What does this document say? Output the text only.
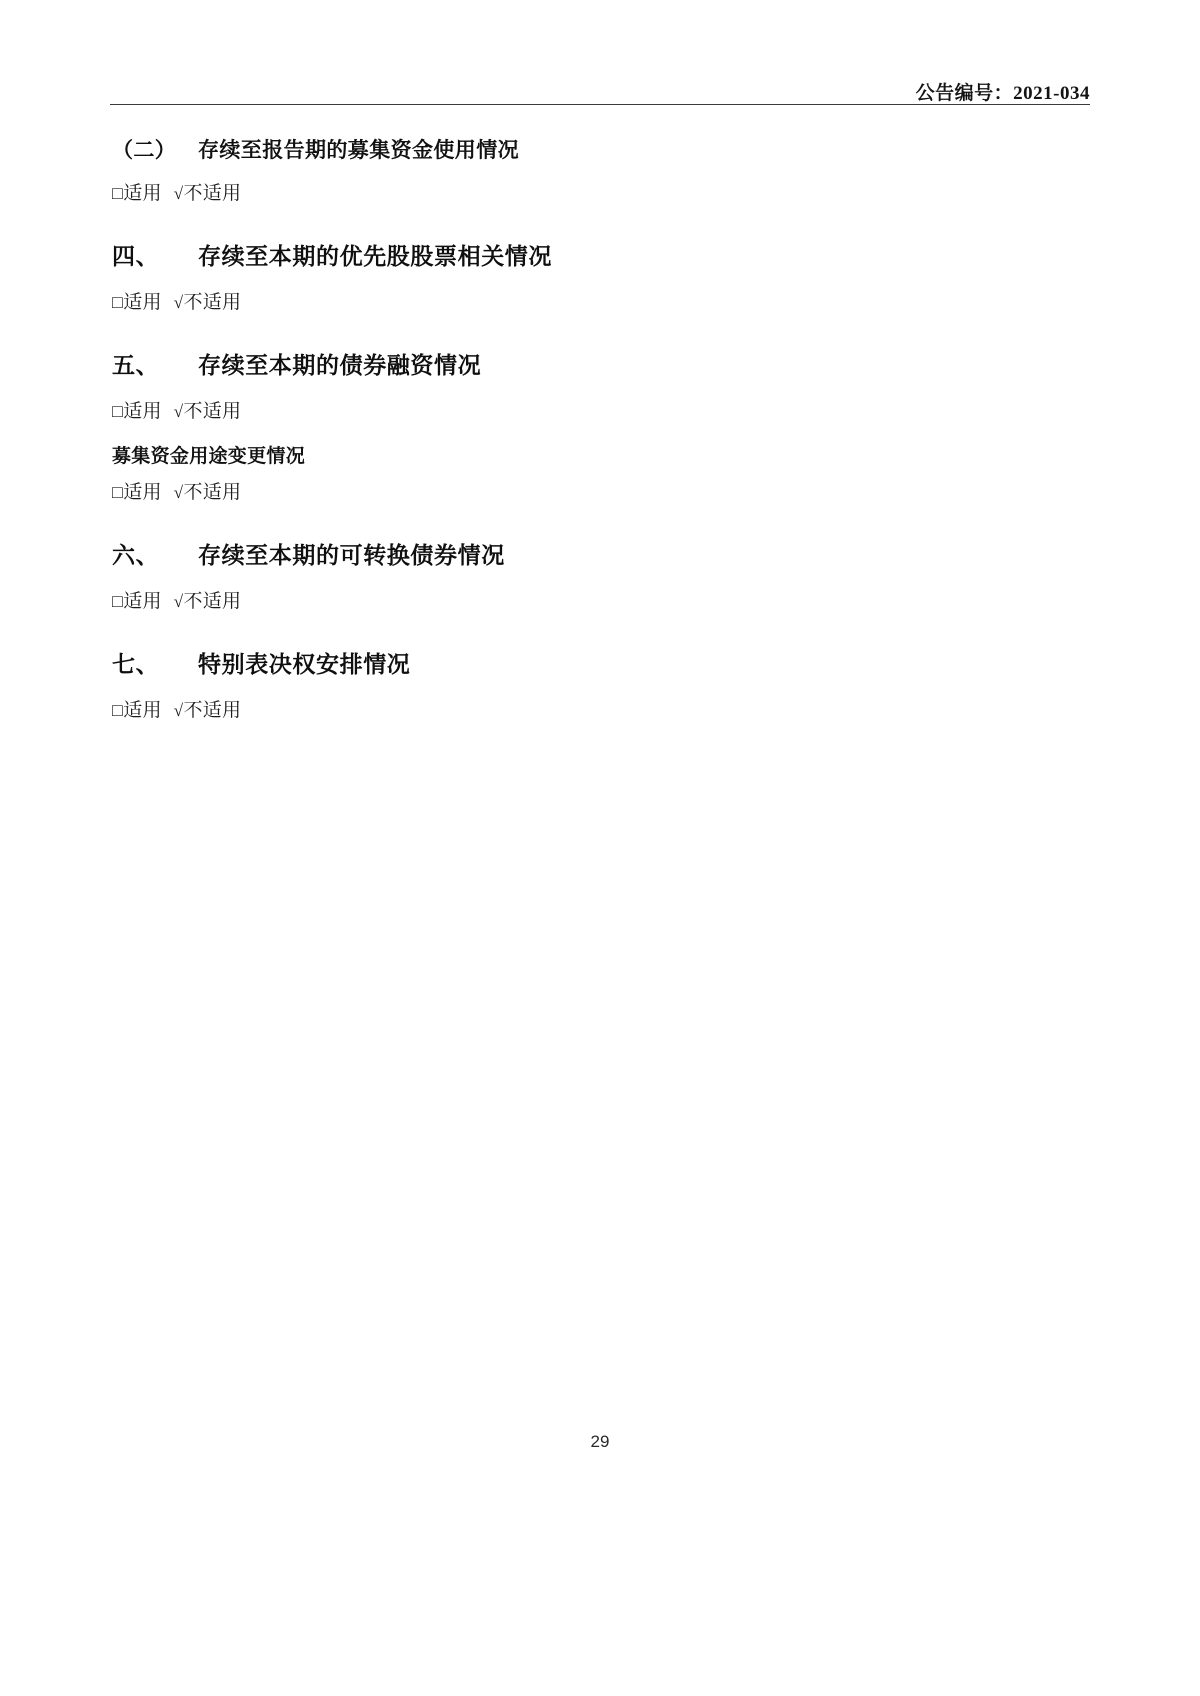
公告编号：2021-034

（二） 存续至报告期的募集资金使用情况

□适用 √不适用

四、 存续至本期的优先股股票相关情况

□适用 √不适用

五、 存续至本期的债券融资情况

□适用 √不适用

募集资金用途变更情况

□适用 √不适用

六、 存续至本期的可转换债券情况

□适用 √不适用

七、 特别表决权安排情况

□适用 √不适用

29
